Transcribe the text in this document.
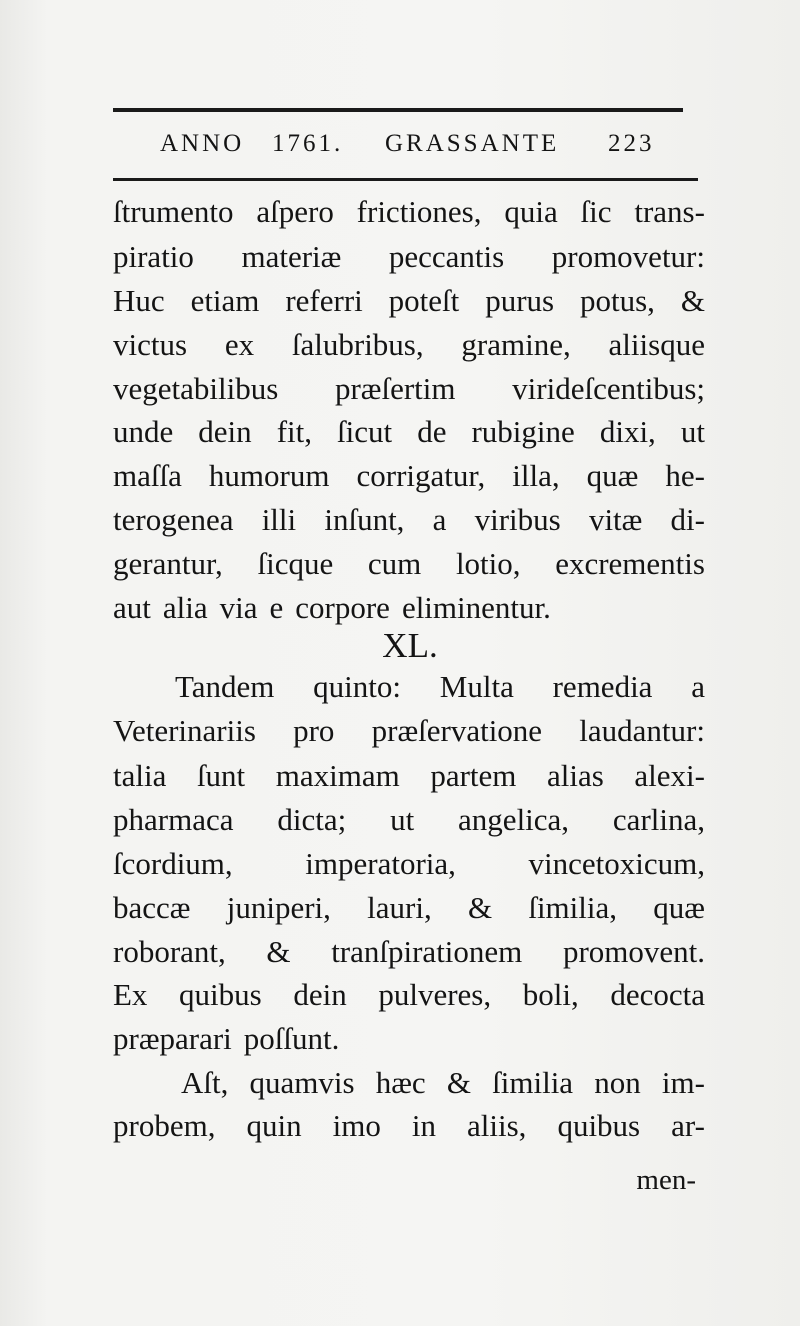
ANNO 1761. GRASSANTE 223
ſtrumento aſpero frictiones, quia ſic trans-
piratio materiæ peccantis promovetur:
Huc etiam referri poteſt purus potus, &
victus ex ſalubribus, gramine, aliisque
vegetabilibus præſertim virideſcentibus;
unde dein fit, ſicut de rubigine dixi, ut
maſſa humorum corrigatur, illa, quæ he-
terogenea illi inſunt, a viribus vitæ di-
gerantur, ſicque cum lotio, excrementis
aut alia via e corpore eliminentur.
XL.
Tandem quinto: Multa remedia a
Veterinariis pro præſervatione laudantur:
talia ſunt maximam partem alias alexi-
pharmaca dicta; ut angelica, carlina,
ſcordium, imperatoria, vincetoxicum,
baccæ juniperi, lauri, & ſimilia, quæ
roborant, & tranſpirationem promovent.
Ex quibus dein pulveres, boli, decocta
præparari poſſunt.
Aſt, quamvis hæc & ſimilia non im-
probem, quin imo in aliis, quibus ar-
men-
